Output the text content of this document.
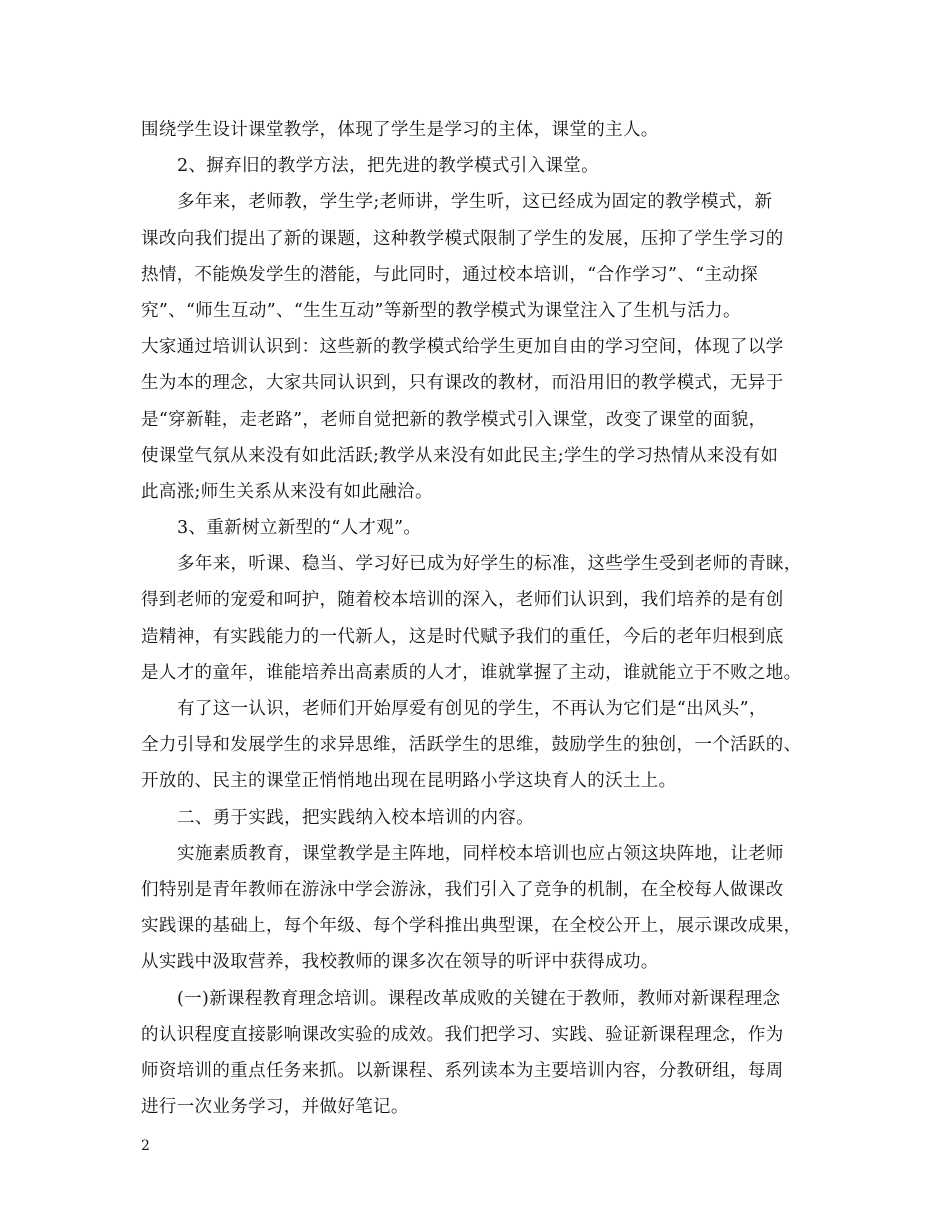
围绕学生设计课堂教学，体现了学生是学习的主体，课堂的主人。
2、摒弃旧的教学方法，把先进的教学模式引入课堂。
多年来，老师教，学生学;老师讲，学生听，这已经成为固定的教学模式，新
课改向我们提出了新的课题，这种教学模式限制了学生的发展，压抑了学生学习的
热情，不能焕发学生的潜能，与此同时，通过校本培训，“合作学习”、“主动探
究”、“师生互动”、“生生互动”等新型的教学模式为课堂注入了生机与活力。
大家通过培训认识到：这些新的教学模式给学生更加自由的学习空间，体现了以学
生为本的理念，大家共同认识到，只有课改的教材，而沿用旧的教学模式，无异于
是“穿新鞋，走老路”，老师自觉把新的教学模式引入课堂，改变了课堂的面貌，
使课堂气氛从来没有如此活跃;教学从来没有如此民主;学生的学习热情从来没有如
此高涨;师生关系从来没有如此融洽。
3、重新树立新型的“人才观”。
多年来，听课、稳当、学习好已成为好学生的标准，这些学生受到老师的青睐，
得到老师的宠爱和呵护，随着校本培训的深入，老师们认识到，我们培养的是有创
造精神，有实践能力的一代新人，这是时代赋予我们的重任，今后的老年归根到底
是人才的童年，谁能培养出高素质的人才，谁就掌握了主动，谁就能立于不败之地。
有了这一认识，老师们开始厚爱有创见的学生，不再认为它们是“出风头”，
全力引导和发展学生的求异思维，活跃学生的思维，鼓励学生的独创，一个活跃的、
开放的、民主的课堂正悄悄地出现在昆明路小学这块育人的沃土上。
二、勇于实践，把实践纳入校本培训的内容。
实施素质教育，课堂教学是主阵地，同样校本培训也应占领这块阵地，让老师
们特别是青年教师在游泳中学会游泳，我们引入了竞争的机制，在全校每人做课改
实践课的基础上，每个年级、每个学科推出典型课，在全校公开上，展示课改成果，
从实践中汲取营养，我校教师的课多次在领导的听评中获得成功。
(一)新课程教育理念培训。课程改革成败的关键在于教师，教师对新课程理念
的认识程度直接影响课改实验的成效。我们把学习、实践、验证新课程理念，作为
师资培训的重点任务来抓。以新课程、系列读本为主要培训内容，分教研组，每周
进行一次业务学习，并做好笔记。
2
